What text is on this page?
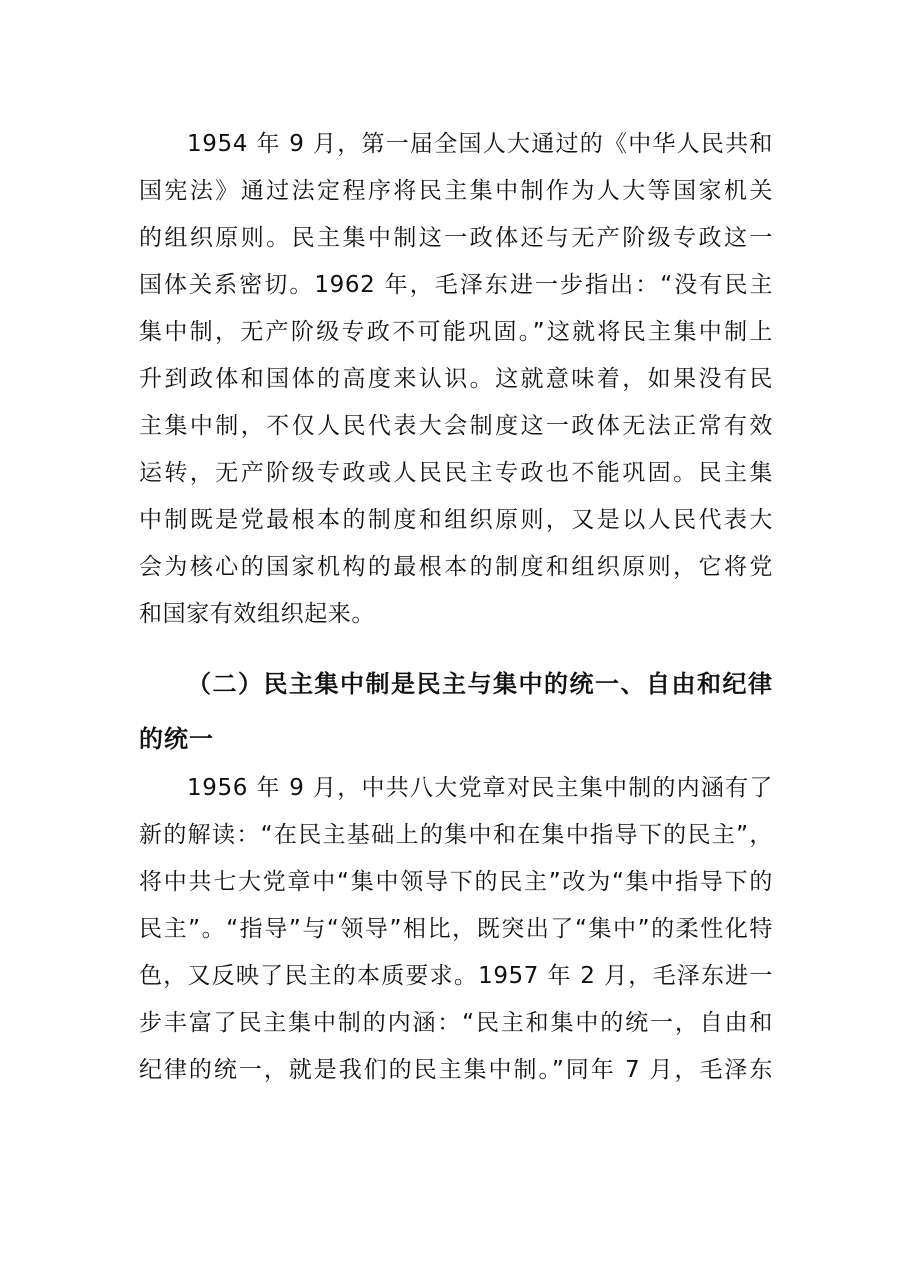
1954 年 9 月，第一届全国人大通过的《中华人民共和
国宪法》通过法定程序将民主集中制作为人大等国家机关
的组织原则。民主集中制这一政体还与无产阶级专政这一
国体关系密切。1962 年，毛泽东进一步指出：“没有民主
集中制，无产阶级专政不可能巩固。”这就将民主集中制上
升到政体和国体的高度来认识。这就意味着，如果没有民
主集中制，不仅人民代表大会制度这一政体无法正常有效
运转，无产阶级专政或人民民主专政也不能巩固。民主集
中制既是党最根本的制度和组织原则，又是以人民代表大
会为核心的国家机构的最根本的制度和组织原则，它将党
和国家有效组织起来。
（二）民主集中制是民主与集中的统一、自由和纪律
的统一
1956 年 9 月，中共八大党章对民主集中制的内涵有了
新的解读：“在民主基础上的集中和在集中指导下的民主”，
将中共七大党章中“集中领导下的民主”改为“集中指导下的
民主”。“指导”与“领导”相比，既突出了“集中”的柔性化特
色，又反映了民主的本质要求。1957 年 2 月，毛泽东进一
步丰富了民主集中制的内涵：“民主和集中的统一，自由和
纪律的统一，就是我们的民主集中制。”同年 7 月，毛泽东
